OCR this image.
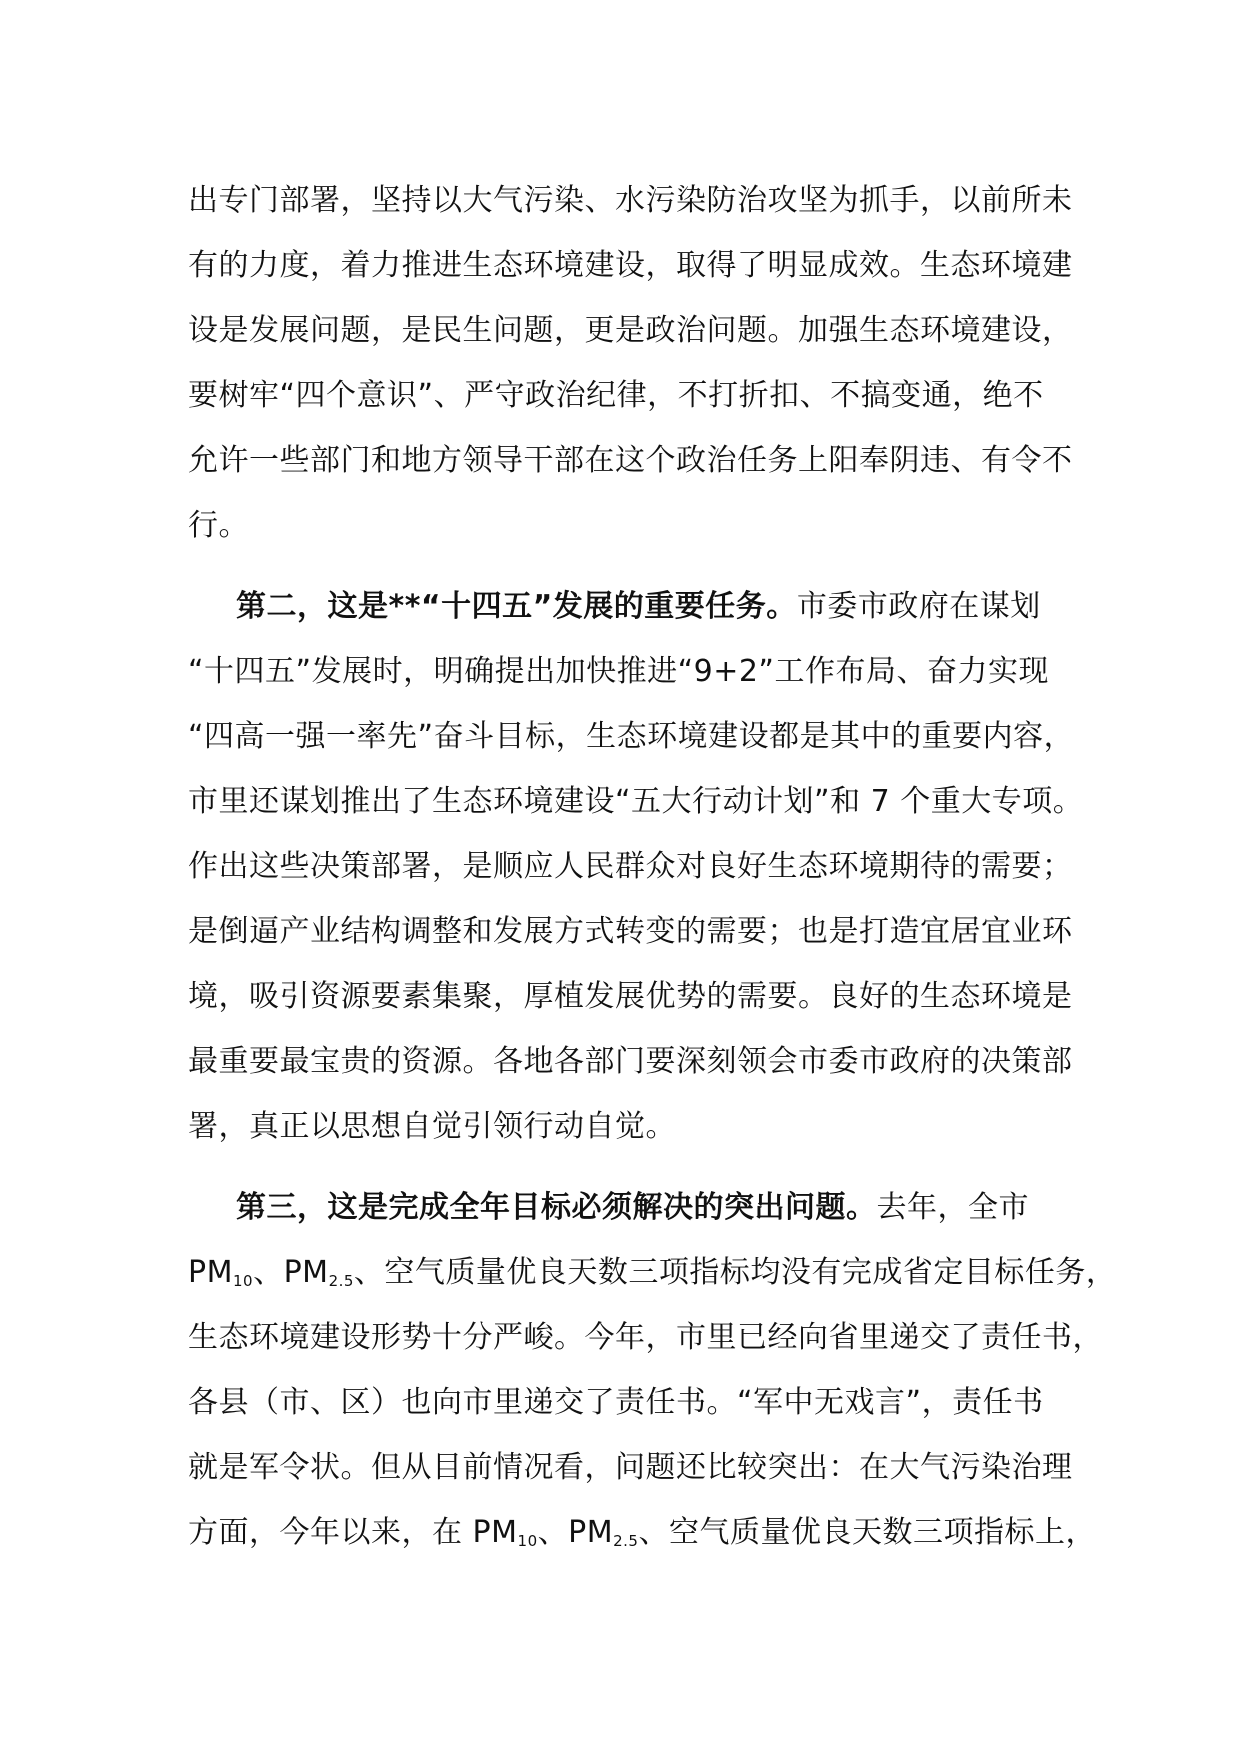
出专门部署，坚持以大气污染、水污染防治攻坚为抓手，以前所未
有的力度，着力推进生态环境建设，取得了明显成效。生态环境建
设是发展问题，是民生问题，更是政治问题。加强生态环境建设，
要树牢“四个意识”、严守政治纪律，不打折扣、不搞变通，绝不
允许一些部门和地方领导干部在这个政治任务上阳奉阴违、有令不
行。
第二，这是**“十四五”发展的重要任务。市委市政府在谋划
“十四五”发展时，明确提出加快推进“9+2”工作布局、奋力实现
“四高一强一率先”奋斗目标，生态环境建设都是其中的重要内容，
市里还谋划推出了生态环境建设“五大行动计划”和 7 个重大专项。
作出这些决策部署，是顺应人民群众对良好生态环境期待的需要；
是倒逼产业结构调整和发展方式转变的需要；也是打造宜居宜业环
境，吸引资源要素集聚，厚植发展优势的需要。良好的生态环境是
最重要最宝贵的资源。各地各部门要深刻领会市委市政府的决策部
署，真正以思想自觉引领行动自觉。
第三，这是完成全年目标必须解决的突出问题。去年，全市
$PM_{10}$、$PM_{2.5}$、空气质量优良天数三项指标均没有完成省定目标任务，
生态环境建设形势十分严峻。今年，市里已经向省里递交了责任书，
各县（市、区）也向市里递交了责任书。“军中无戏言”，责任书
就是军令状。但从目前情况看，问题还比较突出：在大气污染治理
方面，今年以来，在 $PM_{10}$、$PM_{2.5}$、空气质量优良天数三项指标上，
